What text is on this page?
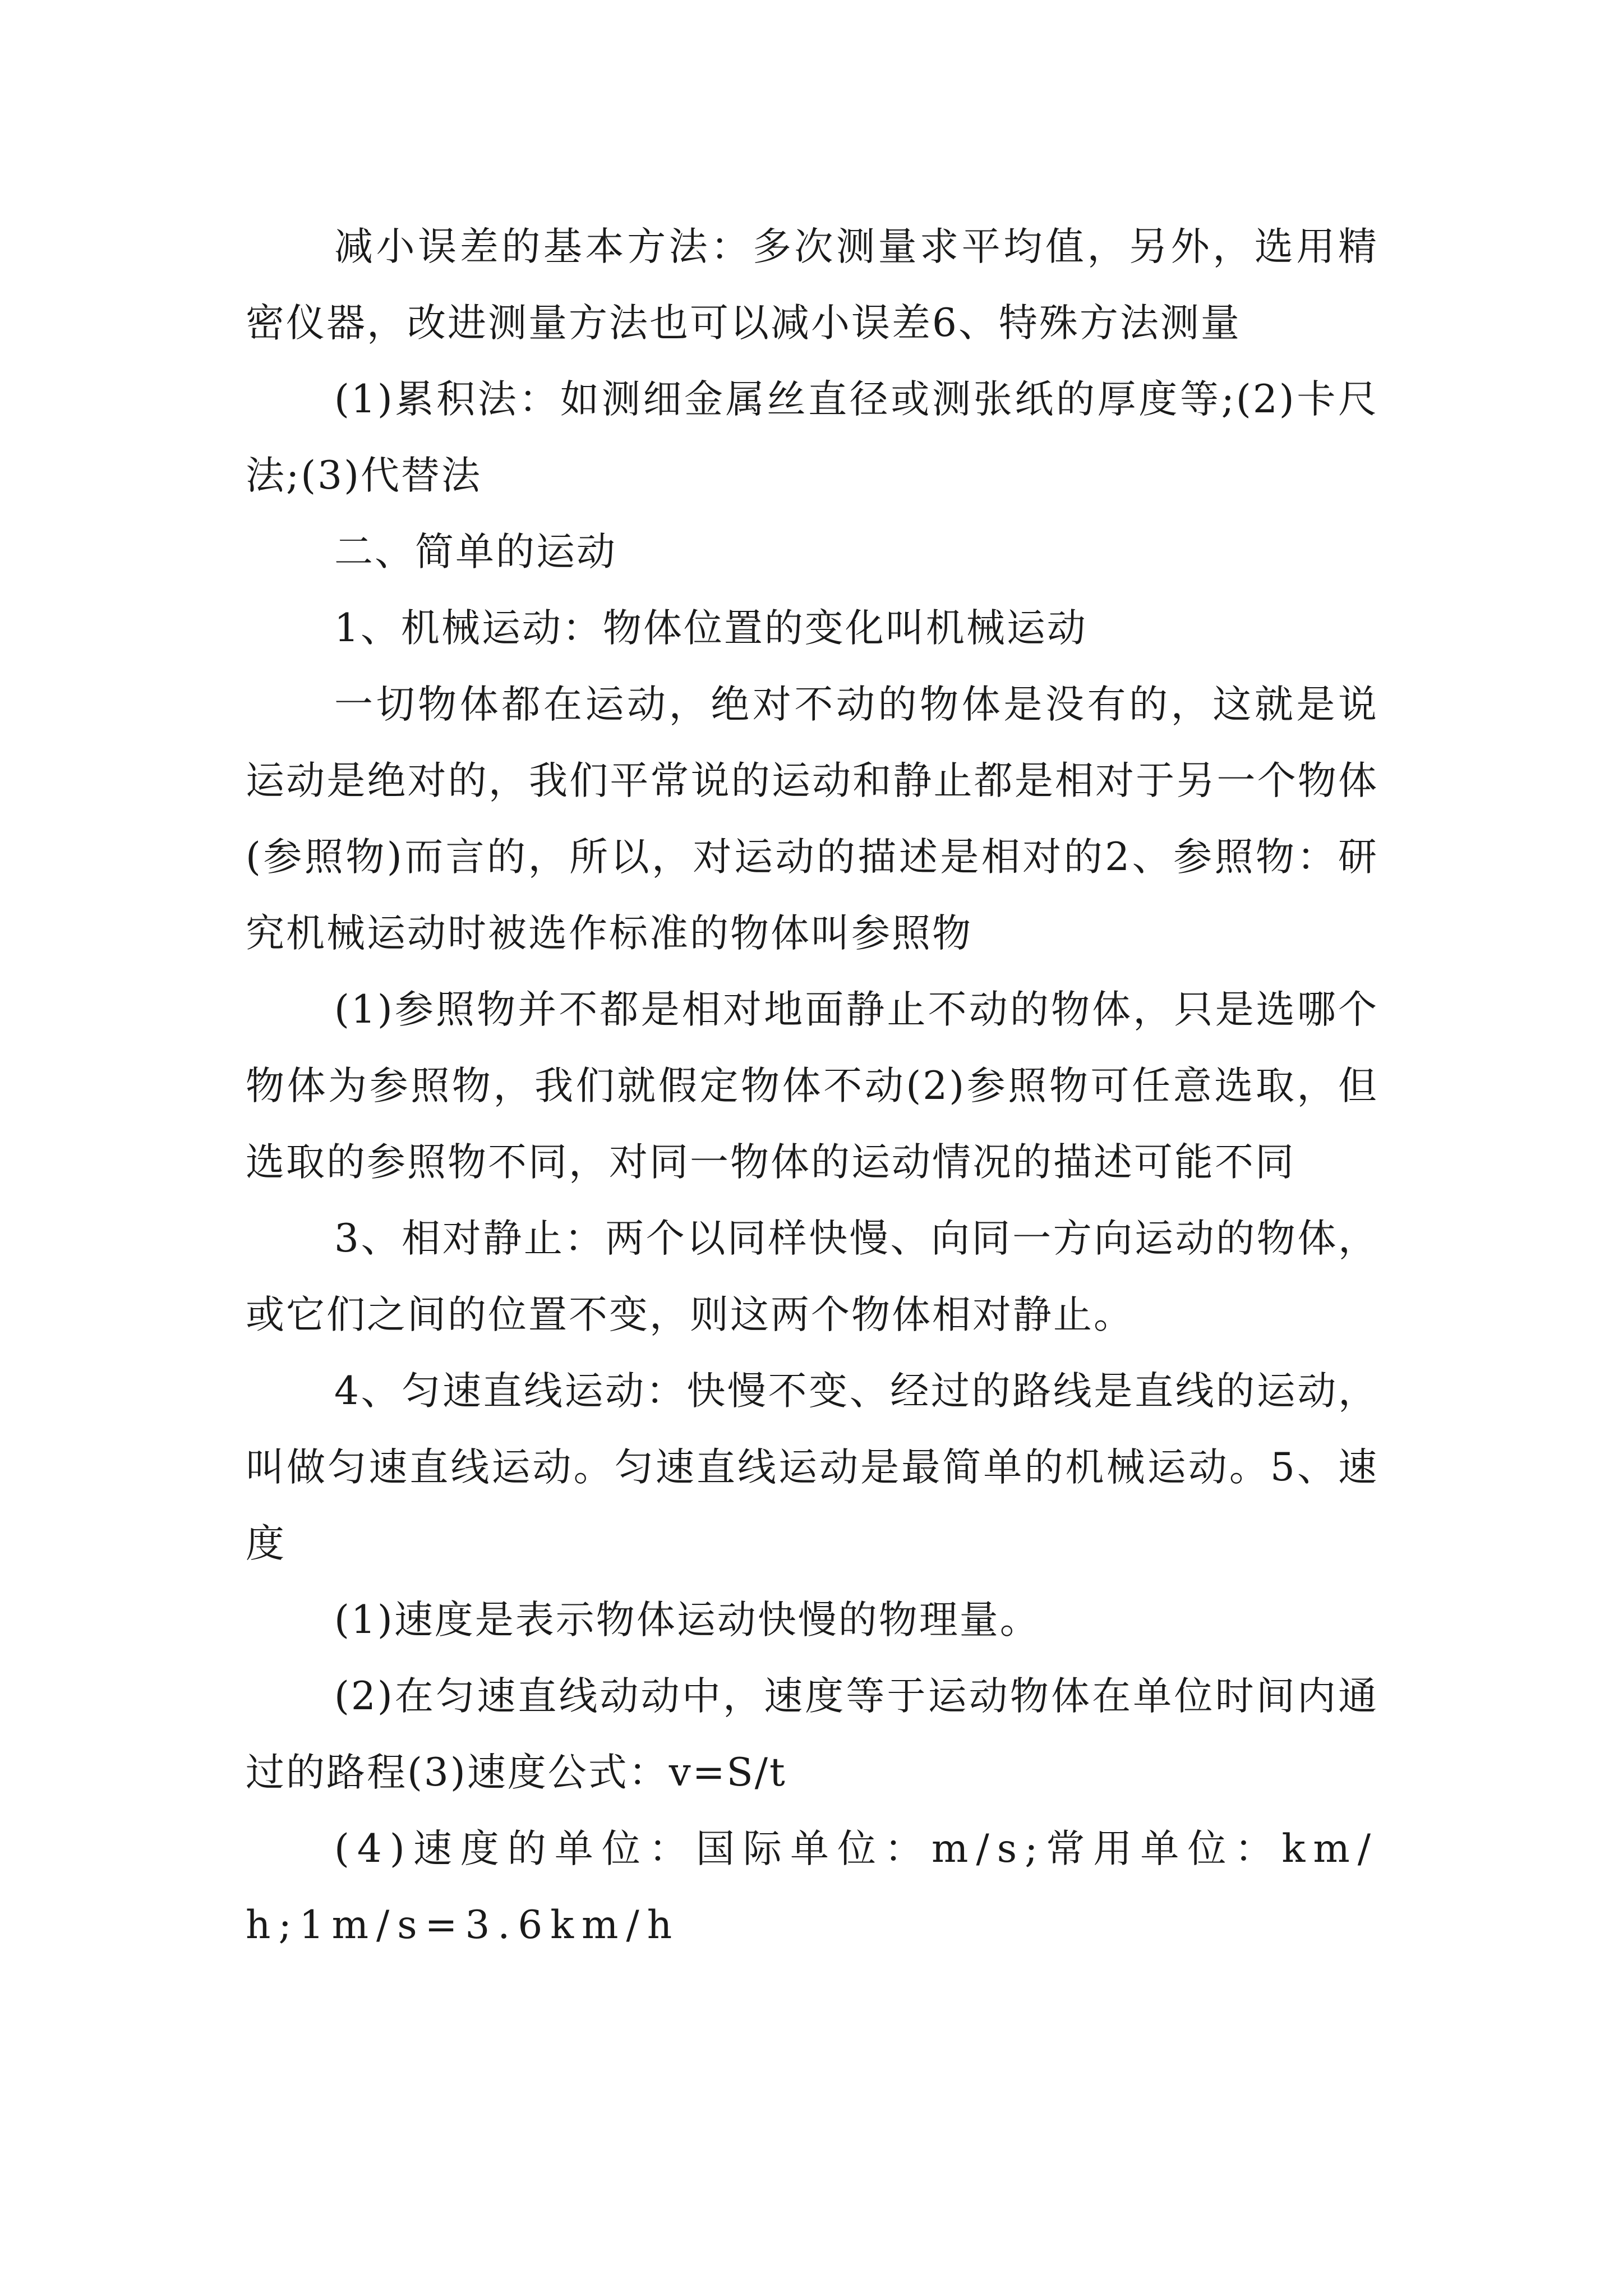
减小误差的基本方法：多次测量求平均值，另外，选用精密仪器，改进测量方法也可以减小误差6、特殊方法测量

(1)累积法：如测细金属丝直径或测张纸的厚度等;(2)卡尺法;(3)代替法

二、简单的运动

1、机械运动：物体位置的变化叫机械运动

一切物体都在运动，绝对不动的物体是没有的，这就是说运动是绝对的，我们平常说的运动和静止都是相对于另一个物体(参照物)而言的，所以，对运动的描述是相对的2、参照物：研究机械运动时被选作标准的物体叫参照物

(1)参照物并不都是相对地面静止不动的物体，只是选哪个物体为参照物，我们就假定物体不动(2)参照物可任意选取，但选取的参照物不同，对同一物体的运动情况的描述可能不同

3、相对静止：两个以同样快慢、向同一方向运动的物体，或它们之间的位置不变，则这两个物体相对静止。

4、匀速直线运动：快慢不变、经过的路线是直线的运动，叫做匀速直线运动。匀速直线运动是最简单的机械运动。5、速度

(1)速度是表示物体运动快慢的物理量。

(2)在匀速直线动动中，速度等于运动物体在单位时间内通过的路程(3)速度公式：v=S/t

(4)速度的单位：国际单位：m/s;常用单位：km/h;1m/s=3.6km/h
